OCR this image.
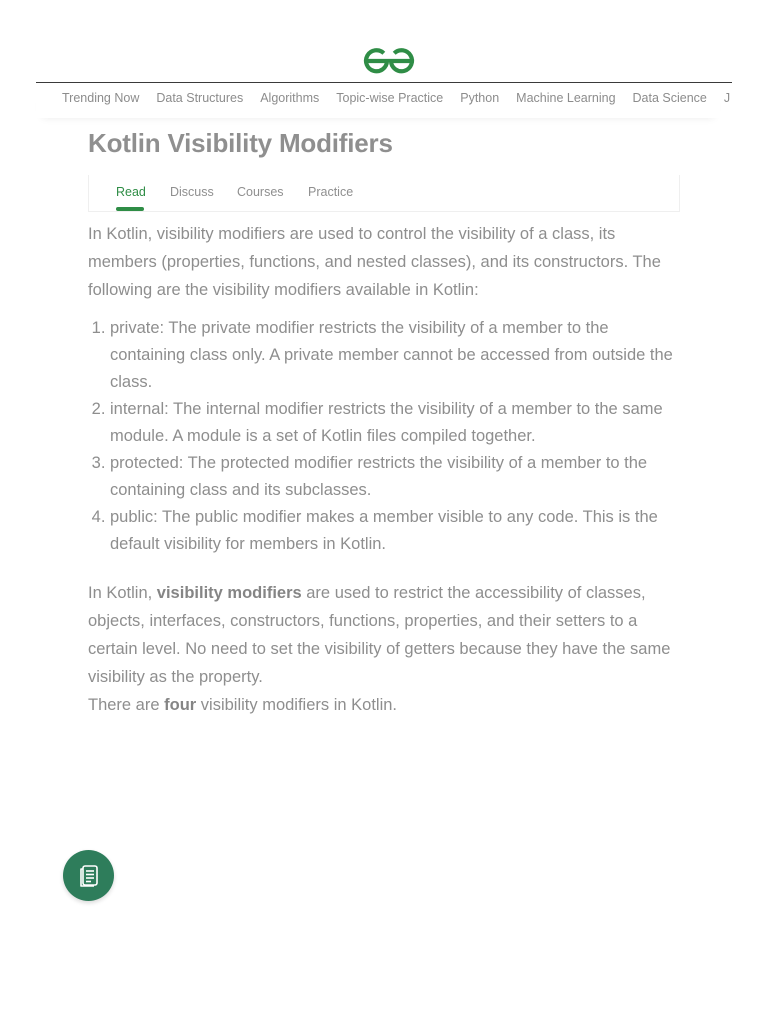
Trending Now Data Structures Algorithms Topic-wise Practice Python Machine Learning Data Science J
Kotlin Visibility Modifiers
Read Discuss Courses Practice

In Kotlin, visibility modifiers are used to control the visibility of a class, its members (properties, functions, and nested classes), and its constructors. The following are the visibility modifiers available in Kotlin:

1. private: The private modifier restricts the visibility of a member to the containing class only. A private member cannot be accessed from outside the class.
2. internal: The internal modifier restricts the visibility of a member to the same module. A module is a set of Kotlin files compiled together.
3. protected: The protected modifier restricts the visibility of a member to the containing class and its subclasses.
4. public: The public modifier makes a member visible to any code. This is the default visibility for members in Kotlin.

In Kotlin, visibility modifiers are used to restrict the accessibility of classes, objects, interfaces, constructors, functions, properties, and their setters to a certain level. No need to set the visibility of getters because they have the same visibility as the property.

There are four visibility modifiers in Kotlin.
